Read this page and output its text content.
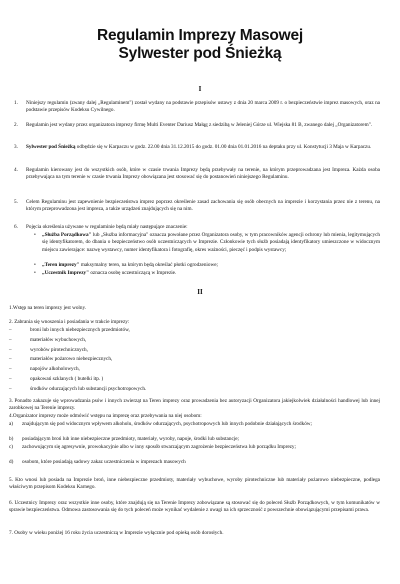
Regulamin Imprezy Masowej
Sylwester pod Śnieżką
I
1. Niniejszy regulamin (zwany dalej „Regulaminem") został wydany na podstawie przepisów ustawy z dnia 20 marca 2009 r. o bezpieczeństwie imprez masowych, oraz na podstawie przepisów Kodeksu Cywilnego.

2. Regulamin jest wydany przez organizatora imprezy firmę Multi Eventer Dariusz Małąg z siedzibą w Jeleniej Górze ul. Wiejska 81 B, zwanego dalej „Organizatorem".

3. Sylwester pod Śnieżką odbędzie się w Karpaczu w godz. 22.00 dnia 31.12.2015 do godz. 01.00 dnia 01.01.2016 na deptaku przy ul. Konstytucji 3 Maja w Karpaczu.

4. Regulamin kierowany jest do wszystkich osób, które w czasie trwania Imprezy będą przebywały na terenie, na którym przeprowadzana jest Impreza. Każda osoba przebywająca na tym terenie w czasie trwania Imprezy obowiązana jest stosować się do postanowień niniejszego Regulaminu.

5. Celem Regulaminu jest zapewnienie bezpieczeństwa imprez poprzez określenie zasad zachowania się osób obecnych na imprezie i korzystania przez nie z terenu, na którym przeprowadzona jest impreza, a także urządzeń znajdujących się na nim.

6. Pojęcia określenia używane w regulaminie będą miały następujące znaczenie:

• „Służba Porządkowa" lub „Służba informacyjna" oznacza powołane przez Organizatora osoby, w tym pracowników agencji ochrony lub mienia, legitymujących się identyfikatorem, do dbania o bezpieczeństwo osób uczestniczących w Imprezie. Członkowie tych służb posiadają identyfikatory umieszczone w widocznym miejscu zawierające: nazwę wystawcy, numer identyfikatora i fotografię, okres ważności, pieczęć i podpis wystawcy;

• „Teren imprezy" maksymalny teren, na którym będą określać płotki ogrodzeniowe;

• „Uczestnik Imprezy" oznacza osobę uczestniczącą w Imprezie.

II

1.Wstęp na teren imprezy jest wolny.

2. Zabrania się wnoszenia i posiadania w trakcie imprezy:

–	broni lub innych niebezpiecznych przedmiotów,

–	materiałów wybuchowych,

–	wyrobów pirotechnicznych,

–	materiałów pożarowo niebezpiecznych,

–	napojów alkoholowych,

–	opakowań szklanych ( butelki itp. )

–	środków odurzających lub substancji psychotropowych.

3. Ponadto zakazuje się wprowadzania psów i innych zwierząt na Teren imprezy oraz prowadzenia bez autoryzacji Organizatora jakiejkolwiek działalności handlowej lub innej zarobkowej na Terenie imprezy.

4.Organizator imprezy może odmówić wstępu na imprezę oraz przebywania na niej osobom:

a) znajdującym się pod widocznym wpływem alkoholu, środków odurzających, psychotropowych lub innych podobnie działających środków;

b) posiadającym broń lub inne niebezpieczne przedmioty, materiały, wyroby, napoje, środki lub substancje;

c) zachowującym się agresywnie, prowokacyjnie albo w inny sposób stwarzającym zagrożenie bezpieczeństwa lub porządku Imprezy;

d) osobom, które posiadają sadowy zakaz uczestniczenia w imprezach masowych

5. Kto wnosi lub posiada na Imprezie broń, inne niebezpieczne przedmioty, materiały wybuchowe, wyroby pirotechniczne lub materiały pożarowo niebezpieczne, podlega właściwym przepisom Kodeksu Karnego.

6. Uczestnicy Imprezy oraz wszystkie inne osoby, które znajdują się na Terenie Imprezy zobowiązane są stosować się do poleceń Służb Porządkowych, w tym komunikatów w sprawie bezpieczeństwa. Odmowa zastosowania się do tych poleceń może wynikać wydalenie z uwagi na ich sprzeczność z powszechnie obowiązującymi przepisami prawa.

7. Osoby w wieku poniżej 16 roku życia uczestniczą w Imprezie wyłącznie pod opieką osób dorosłych.
